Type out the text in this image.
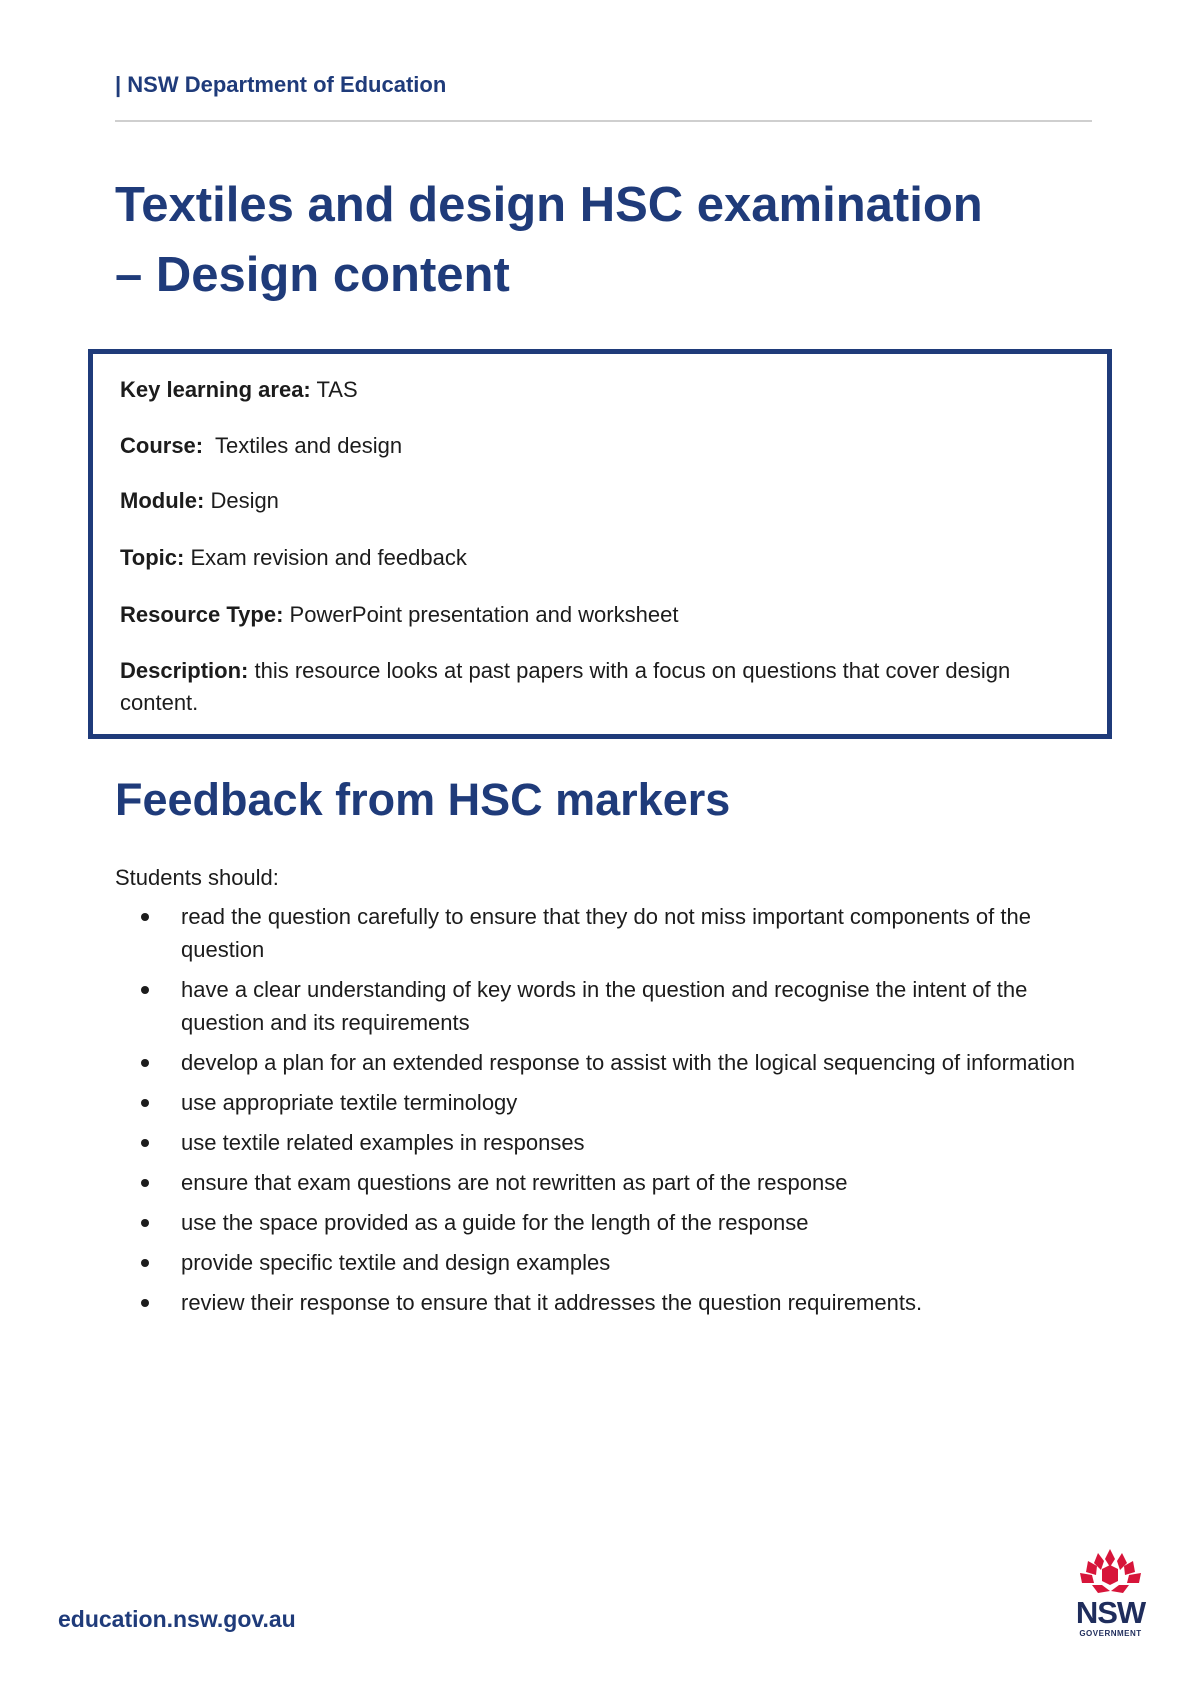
| NSW Department of Education
Textiles and design HSC examination
– Design content

Key learning area: TAS

Course:  Textiles and design

Module: Design

Topic: Exam revision and feedback

Resource Type: PowerPoint presentation and worksheet

Description: this resource looks at past papers with a focus on questions that cover design content.

Feedback from HSC markers

Students should:

read the question carefully to ensure that they do not miss important components of the question
have a clear understanding of key words in the question and recognise the intent of the question and its requirements
develop a plan for an extended response to assist with the logical sequencing of information
use appropriate textile terminology
use textile related examples in responses
ensure that exam questions are not rewritten as part of the response
use the space provided as a guide for the length of the response
provide specific textile and design examples
review their response to ensure that it addresses the question requirements.
education.nsw.gov.au	NSW
GOVERNMENT
